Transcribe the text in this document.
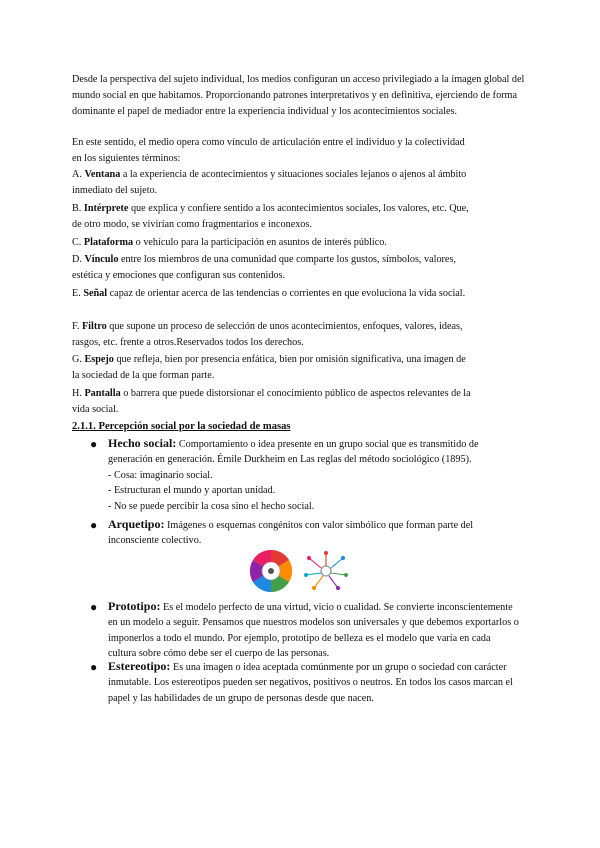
Desde la perspectiva del sujeto individual, los medios configuran un acceso privilegiado a la imagen global del mundo social en que habitamos. Proporcionando patrones interpretativos y en definitiva, ejerciendo de forma dominante el papel de mediador entre la experiencia individual y los acontecimientos sociales.

En este sentido, el medio opera como vínculo de articulación entre el individuo y la colectividad en los siguientes términos:

A. Ventana a la experiencia de acontecimientos y situaciones sociales lejanos o ajenos al ámbito inmediato del sujeto.

B. Intérprete que explica y confiere sentido a los acontecimientos sociales, los valores, etc. Que, de otro modo, se vivirían como fragmentarios e inconexos.

C. Plataforma o vehículo para la participación en asuntos de interés público.

D. Vínculo entre los miembros de una comunidad que comparte los gustos, símbolos, valores, estética y emociones que configuran sus contenidos.

E. Señal capaz de orientar acerca de las tendencias o corrientes en que evoluciona la vida social.

F. Filtro que supone un proceso de selección de unos acontecimientos, enfoques, valores, ideas, rasgos, etc. frente a otros.Reservados todos los derechos.

G. Espejo que refleja, bien por presencia enfática, bien por omisión significativa, una imagen de la sociedad de la que forman parte.

H. Pantalla o barrera que puede distorsionar el conocimiento público de aspectos relevantes de la vida social.

2.1.1. Percepción social por la sociedad de masas

● Hecho social: Comportamiento o idea presente en un grupo social que es transmitido de generación en generación. Émile Durkheim en Las reglas del método sociológico (1895).
- Cosa: imaginario social.
- Estructuran el mundo y aportan unidad.
- No se puede percibir la cosa sino el hecho social.

● Arquetipo: Imágenes o esquemas congénitos con valor simbólico que forman parte del inconsciente colectivo.

● Prototipo: Es el modelo perfecto de una virtud, vicio o cualidad. Se convierte inconscientemente en un modelo a seguir. Pensamos que nuestros modelos son universales y que debemos exportarlos o imponerlos a todo el mundo. Por ejemplo, prototipo de belleza es el modelo que varía en cada cultura sobre cómo debe ser el cuerpo de las personas.

● Estereotipo: Es una imagen o idea aceptada comúnmente por un grupo o sociedad con carácter inmutable. Los estereotipos pueden ser negativos, positivos o neutros. En todos los casos marcan el papel y las habilidades de un grupo de personas desde que nacen.
